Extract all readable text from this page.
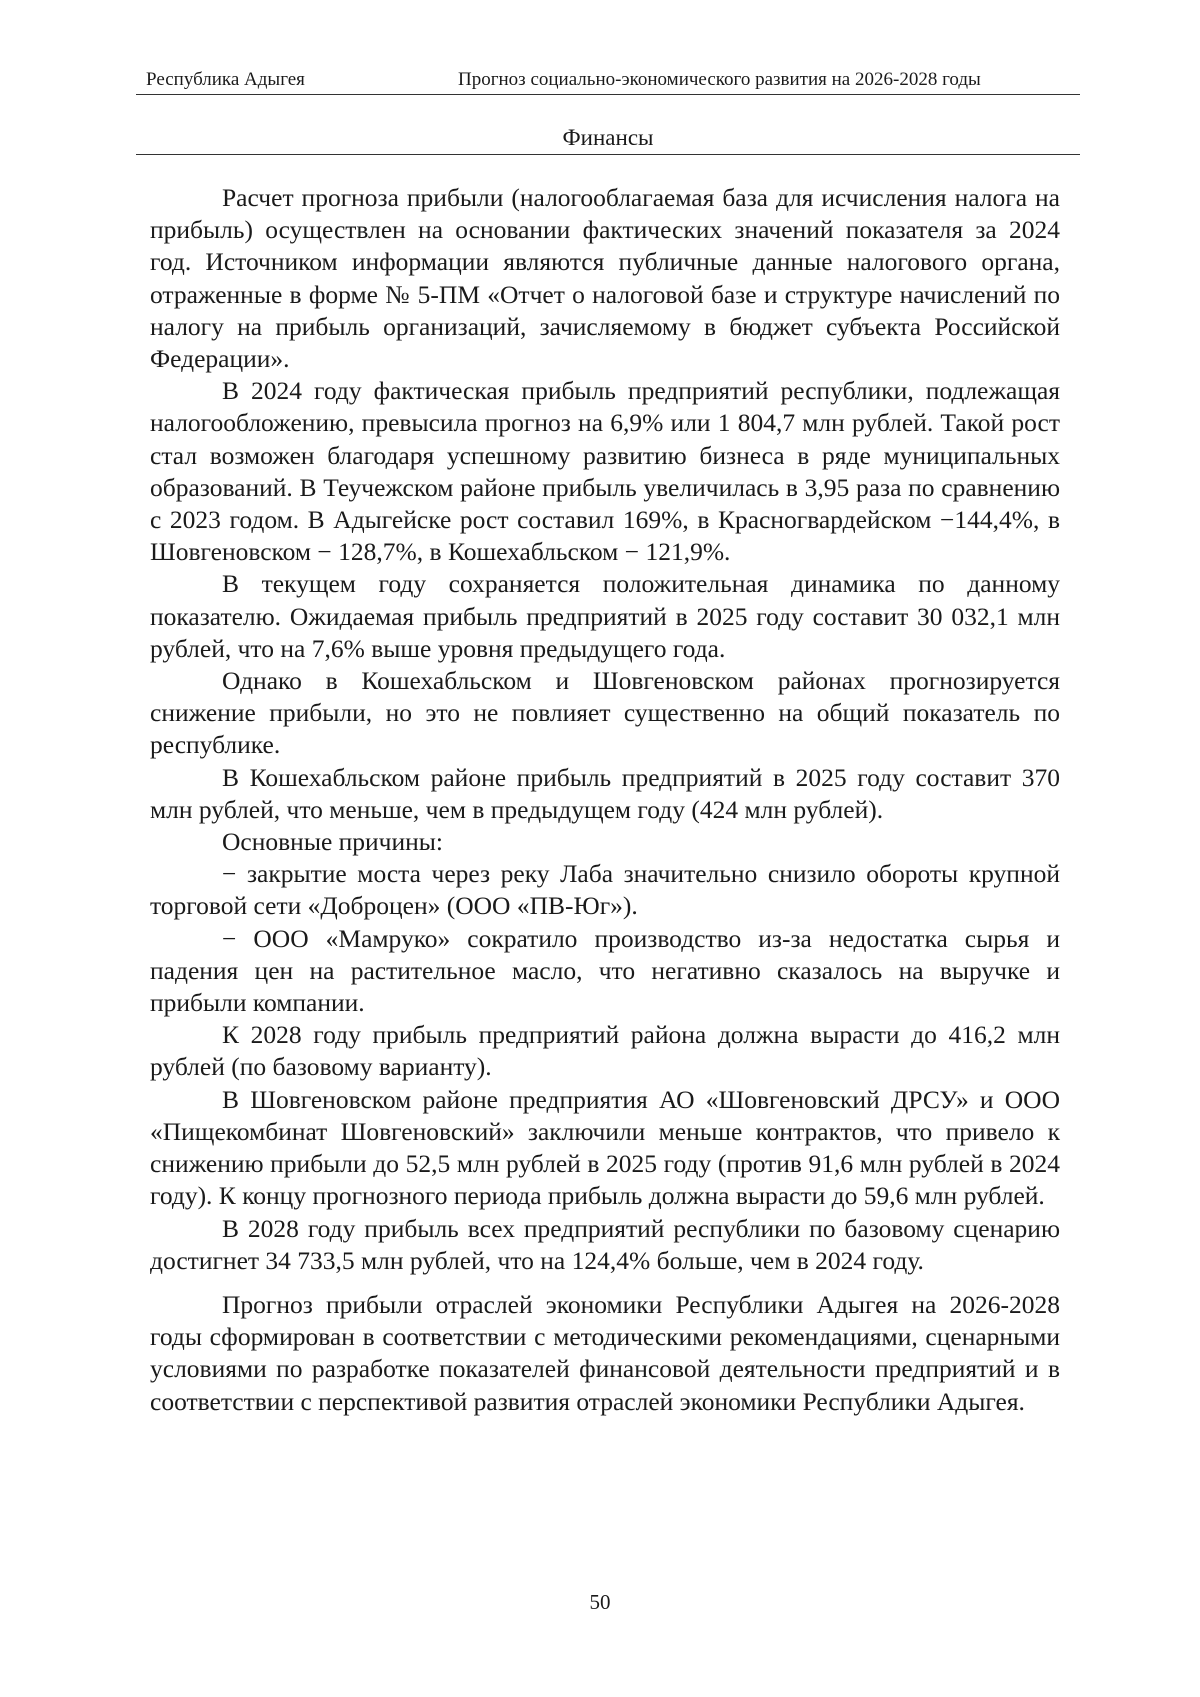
Республика Адыгея	Прогноз социально-экономического развития на 2026-2028 годы
Финансы

Расчет прогноза прибыли (налогооблагаемая база для исчисления налога на прибыль) осуществлен на основании фактических значений показателя за 2024 год. Источником информации являются публичные данные налогового органа, отраженные в форме № 5-ПМ «Отчет о налоговой базе и структуре начислений по налогу на прибыль организаций, зачисляемому в бюджет субъекта Российской Федерации».

В 2024 году фактическая прибыль предприятий республики, подлежащая налогообложению, превысила прогноз на 6,9% или 1 804,7 млн рублей. Такой рост стал возможен благодаря успешному развитию бизнеса в ряде муниципальных образований. В Теучежском районе прибыль увеличилась в 3,95 раза по сравнению с 2023 годом. В Адыгейске рост составил 169%, в Красногвардейском −144,4%, в Шовгеновском − 128,7%, в Кошехабльском − 121,9%.

В текущем году сохраняется положительная динамика по данному показателю. Ожидаемая прибыль предприятий в 2025 году составит 30 032,1 млн рублей, что на 7,6% выше уровня предыдущего года.

Однако в Кошехабльском и Шовгеновском районах прогнозируется снижение прибыли, но это не повлияет существенно на общий показатель по республике.

В Кошехабльском районе прибыль предприятий в 2025 году составит 370 млн рублей, что меньше, чем в предыдущем году (424 млн рублей).

Основные причины:

− закрытие моста через реку Лаба значительно снизило обороты крупной торговой сети «Доброцен» (ООО «ПВ-Юг»).

− ООО «Мамруко» сократило производство из-за недостатка сырья и падения цен на растительное масло, что негативно сказалось на выручке и прибыли компании.

К 2028 году прибыль предприятий района должна вырасти до 416,2 млн рублей (по базовому варианту).

В Шовгеновском районе предприятия АО «Шовгеновский ДРСУ» и ООО «Пищекомбинат Шовгеновский» заключили меньше контрактов, что привело к снижению прибыли до 52,5 млн рублей в 2025 году (против 91,6 млн рублей в 2024 году). К концу прогнозного периода прибыль должна вырасти до 59,6 млн рублей.

В 2028 году прибыль всех предприятий республики по базовому сценарию достигнет 34 733,5 млн рублей, что на 124,4% больше, чем в 2024 году.

Прогноз прибыли отраслей экономики Республики Адыгея на 2026-2028 годы сформирован в соответствии с методическими рекомендациями, сценарными условиями по разработке показателей финансовой деятельности предприятий и в соответствии с перспективой развития отраслей экономики Республики Адыгея.

50
